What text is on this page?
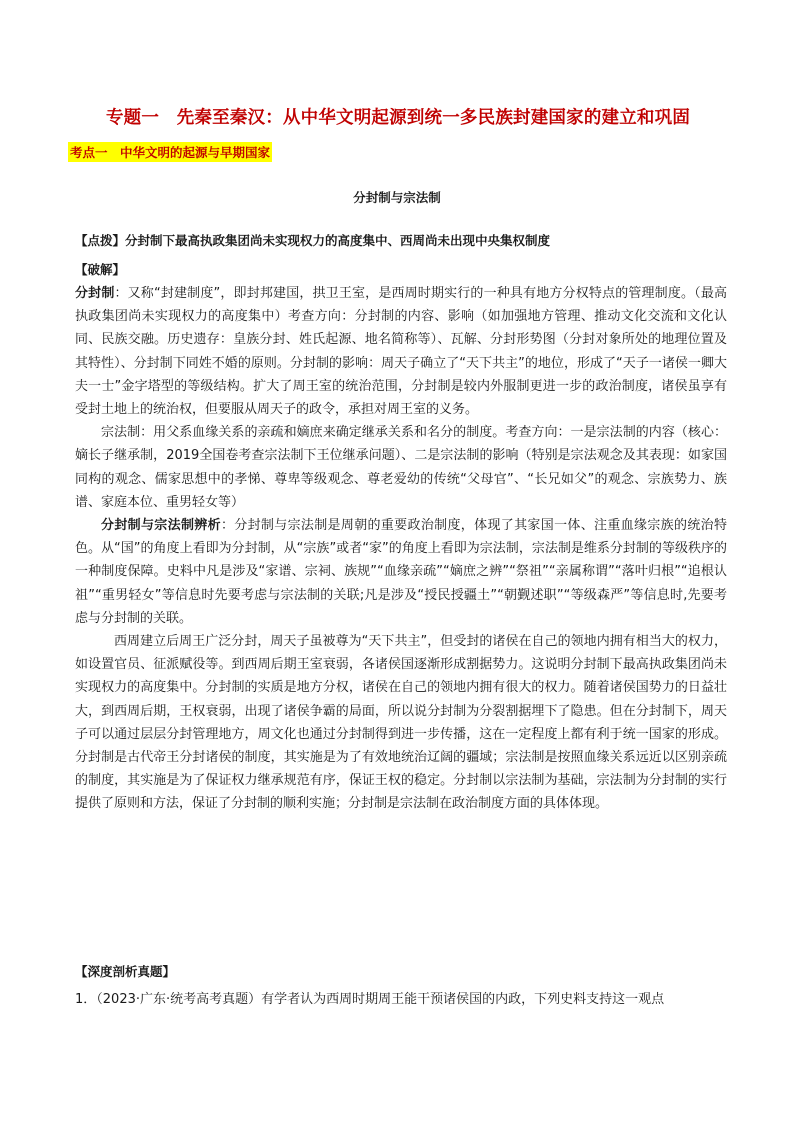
专题一　先秦至秦汉：从中华文明起源到统一多民族封建国家的建立和巩固
考点一　中华文明的起源与早期国家
分封制与宗法制
【点拨】分封制下最高执政集团尚未实现权力的高度集中、西周尚未出现中央集权制度
【破解】

分封制：又称“封建制度”，即封邦建国，拱卫王室，是西周时期实行的一种具有地方分权特点的管理制度。（最高执政集团尚未实现权力的高度集中）考查方向：分封制的内容、影响（如加强地方管理、推动文化交流和文化认同、民族交融。历史遗存：皇族分封、姓氏起源、地名简称等）、瓦解、分封形势图（分封对象所处的地理位置及其特性）、分封制下同姓不婚的原则。分封制的影响：周天子确立了“天下共主”的地位，形成了“天子一诸侯一卿大夫一士”金字塔型的等级结构。扩大了周王室的统治范围，分封制是较内外服制更进一步的政治制度，诸侯虽享有受封土地上的统治权，但要服从周天子的政令，承担对周王室的义务。

宗法制：用父系血缘关系的亲疏和嫡庶来确定继承关系和名分的制度。考查方向：一是宗法制的内容（核心：嫡长子继承制，2019全国卷考查宗法制下王位继承问题）、二是宗法制的影响（特别是宗法观念及其表现：如家国同构的观念、儒家思想中的孝悌、尊卑等级观念、尊老爱幼的传统“父母官”、“长兄如父”的观念、宗族势力、族谱、家庭本位、重男轻女等）

分封制与宗法制辨析：分封制与宗法制是周朝的重要政治制度，体现了其家国一体、注重血缘宗族的统治特色。从“国”的角度上看即为分封制，从“宗族”或者“家”的角度上看即为宗法制，宗法制是维系分封制的等级秩序的一种制度保障。史料中凡是涉及“家谱、宗祠、族规”“血缘亲疏”“嫡庶之辨”“祭祖”“亲属称谓”“落叶归根”“追根认祖”“重男轻女”等信息时先要考虑与宗法制的关联;凡是涉及“授民授疆土”“朝觐述职”“等级森严”等信息时,先要考虑与分封制的关联。

西周建立后周王广泛分封，周天子虽被尊为“天下共主”，但受封的诸侯在自己的领地内拥有相当大的权力，如设置官员、征派赋役等。到西周后期王室衰弱，各诸侯国逐渐形成割据势力。这说明分封制下最高执政集团尚未实现权力的高度集中。分封制的实质是地方分权，诸侯在自己的领地内拥有很大的权力。随着诸侯国势力的日益壮大，到西周后期，王权衰弱，出现了诸侯争霸的局面，所以说分封制为分裂割据埋下了隐患。但在分封制下，周天子可以通过层层分封管理地方，周文化也通过分封制得到进一步传播，这在一定程度上都有利于统一国家的形成。分封制是古代帝王分封诸侯的制度，其实施是为了有效地统治辽阔的疆域；宗法制是按照血缘关系远近以区别亲疏的制度，其实施是为了保证权力继承规范有序，保证王权的稳定。分封制以宗法制为基础，宗法制为分封制的实行提供了原则和方法，保证了分封制的顺利实施；分封制是宗法制在政治制度方面的具体体现。

【深度剖析真题】
1．（2023·广东·统考高考真题）有学者认为西周时期周王能干预诸侯国的内政，下列史料支持这一观点
